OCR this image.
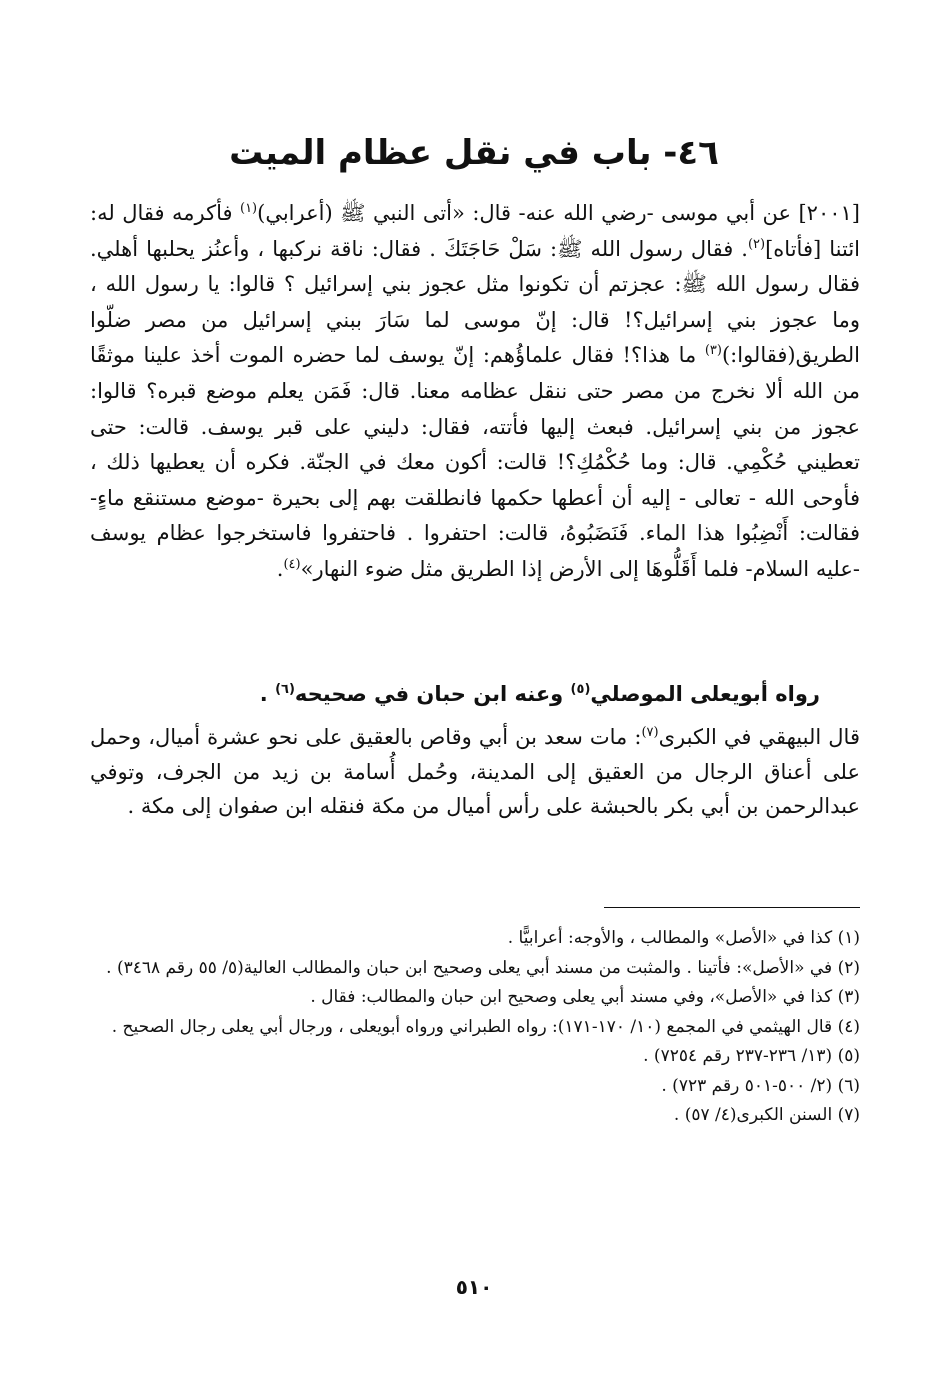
٤٦- باب في نقل عظام الميت

[٢٠٠١] عن أبي موسى -رضي الله عنه- قال: «أتى النبي ﷺ (أعرابي)$^{(١)}$ فأكرمه فقال له: ائتنا [فأتاه]$^{(٢)}$. فقال رسول الله ﷺ: سَلْ حَاجَتَكَ . فقال: ناقة نركبها ، وأعنُز يحلبها أهلي. فقال رسول الله ﷺ: عجزتم أن تكونوا مثل عجوز بني إسرائيل ؟ قالوا: يا رسول الله ، وما عجوز بني إسرائيل؟! قال: إنّ موسى لما سَارَ ببني إسرائيل من مصر ضلّوا الطريق(فقالوا:)$^{(٣)}$ ما هذا؟! فقال علماؤُهم: إنّ يوسف لما حضره الموت أخذ علينا موثقًا من الله ألا نخرج من مصر حتى ننقل عظامه معنا. قال: فَمَن يعلم موضع قبره؟ قالوا: عجوز من بني إسرائيل. فبعث إليها فأتته، فقال: دليني على قبر يوسف. قالت: حتى تعطيني حُكْمِي. قال: وما حُكْمُكِ؟! قالت: أكون معك في الجنّة. فكره أن يعطيها ذلك ، فأوحى الله - تعالى - إليه أن أعطها حكمها فانطلقت بهم إلى بحيرة -موضع مستنقع ماءٍ- فقالت: أَنْضِبُوا هذا الماء. فَنَضَبُوهُ، قالت: احتفروا . فاحتفروا فاستخرجوا عظام يوسف -عليه السلام- فلما أَقَلُّوهَا إلى الأرض إذا الطريق مثل ضوء النهار»$^{(٤)}$.

رواه أبويعلى الموصلي$^{(٥)}$ وعنه ابن حبان في صحيحه$^{(٦)}$ .

قال البيهقي في الكبرى$^{(٧)}$: مات سعد بن أبي وقاص بالعقيق على نحو عشرة أميال، وحمل على أعناق الرجال من العقيق إلى المدينة، وحُمل أُسامة بن زيد من الجرف، وتوفي عبدالرحمن بن أبي بكر بالحبشة على رأس أميال من مكة فنقله ابن صفوان إلى مكة .

(١) كذا في «الأصل» والمطالب ، والأوجه: أعرابيًّا .
(٢) في «الأصل»: فأتينا . والمثبت من مسند أبي يعلى وصحيح ابن حبان والمطالب العالية(٥/ ٥٥ رقم ٣٤٦٨) .
(٣) كذا في «الأصل»، وفي مسند أبي يعلى وصحيح ابن حبان والمطالب: فقال .
(٤) قال الهيثمي في المجمع (١٠/ ١٧٠-١٧١): رواه الطبراني ورواه أبويعلى ، ورجال أبي يعلى رجال الصحيح .
(٥) (١٣/ ٢٣٦-٢٣٧ رقم ٧٢٥٤) .
(٦) (٢/ ٥٠٠-٥٠١ رقم ٧٢٣) .
(٧) السنن الكبرى(٤/ ٥٧) .
٥١٠
